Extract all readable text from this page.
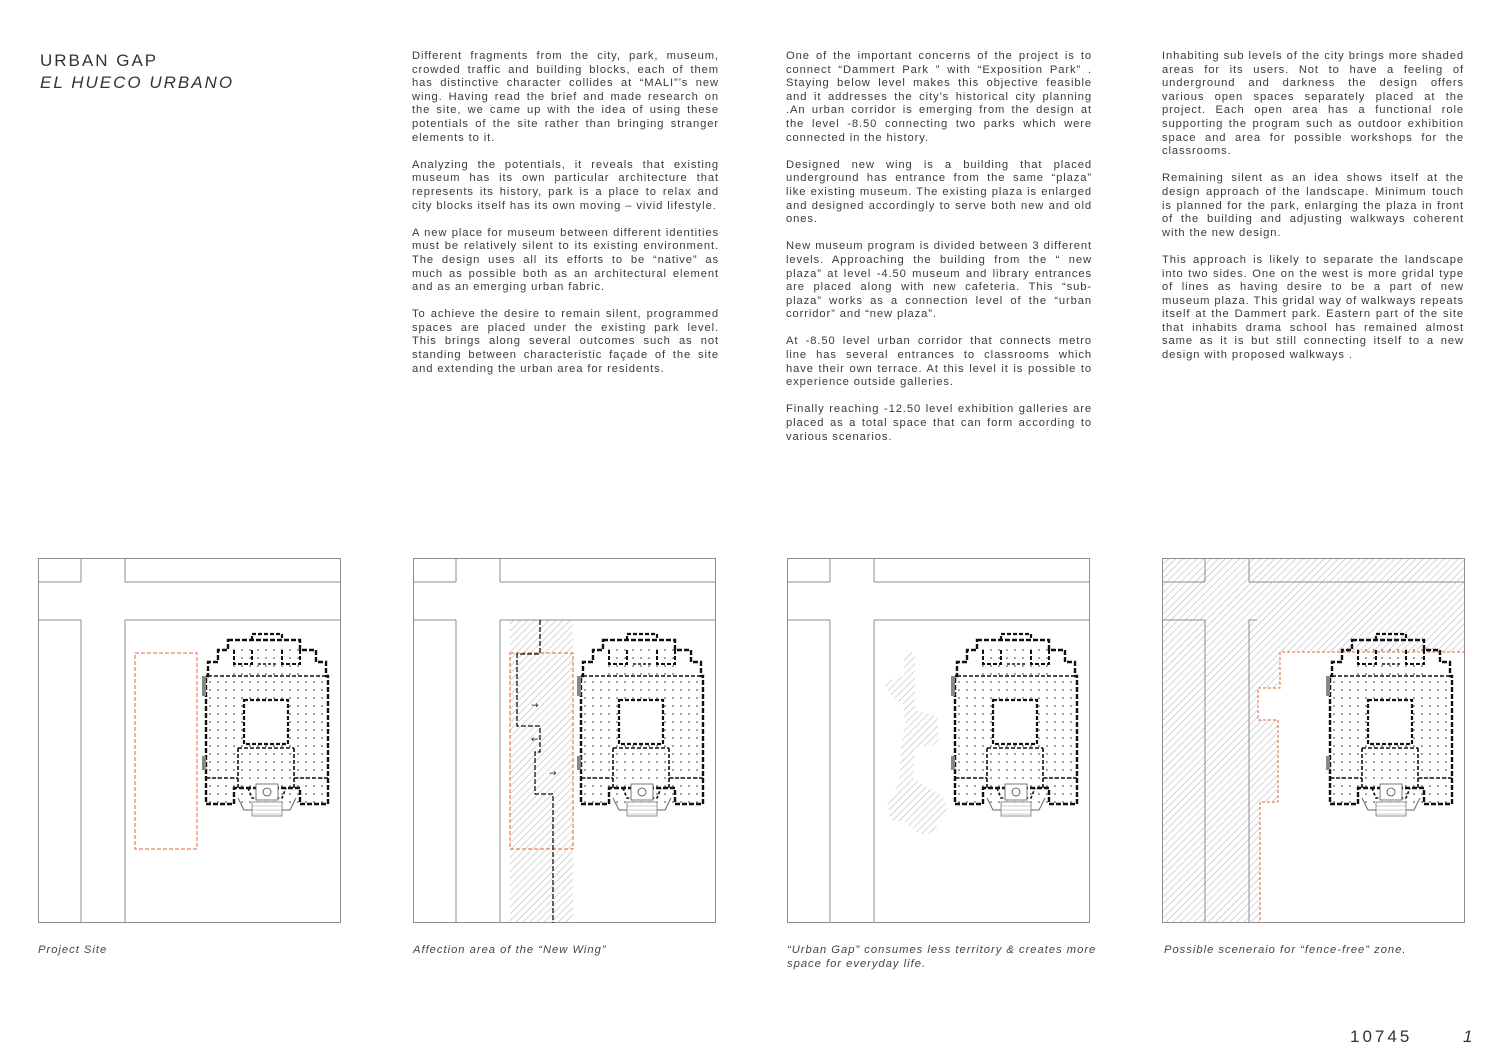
URBAN GAP
EL HUECO URBANO

Different fragments from the city, park, museum, crowded traffic and building blocks, each of them has distinctive character collides at “MALI”’s new wing. Having read the brief and made research on the site, we came up with the idea of using these potentials of the site rather than bringing stranger elements to it.

Analyzing the potentials, it reveals that existing museum has its own particular architecture that represents its history, park is a place to relax and city blocks itself has its own moving – vivid lifestyle.

A new place for museum between different identities must be relatively silent to its existing environment. The design uses all its efforts to be “native” as much as possible both as an architectural element and as an emerging urban fabric.

To achieve the desire to remain silent, programmed spaces are placed under the existing park level. This brings along several outcomes such as not standing between characteristic façade of the site and extending the urban area for residents.

One of the important concerns of the project is to connect “Dammert Park ” with “Exposition Park” . Staying below level makes this objective feasible and it addresses the city’s historical city planning .An urban corridor is emerging from the design at the level -8.50 connecting two parks which were connected in the history.

Designed new wing is a building that placed underground has entrance from the same “plaza” like existing museum. The existing plaza is enlarged and designed accordingly to serve both new and old ones.

New museum program is divided between 3 different levels. Approaching the building from the “ new plaza” at level -4.50 museum and library entrances are placed along with new cafeteria. This “sub-plaza” works as a connection level of the “urban corridor” and “new plaza”.

At -8.50 level urban corridor that connects metro line has several entrances to classrooms which have their own terrace. At this level it is possible to experience outside galleries.

Finally reaching -12.50 level exhibition galleries are placed as a total space that can form according to various scenarios.

Inhabiting sub levels of the city brings more shaded areas for its users. Not to have a feeling of underground and darkness the design offers various open spaces separately placed at the project. Each open area has a functional role supporting the program such as outdoor exhibition space and area for possible workshops for the classrooms.

Remaining silent as an idea shows itself at the design approach of the landscape. Minimum touch is planned for the park, enlarging the plaza in front of the building and adjusting walkways coherent with the new design.

This approach is likely to separate the landscape into two sides. One on the west is more gridal type of lines as having desire to be a part of new museum plaza. This gridal way of walkways repeats itself at the Dammert park. Eastern part of the site that inhabits drama school has remained almost same as it is but still connecting itself to a new design with proposed walkways .

→
←
→
Project Site	Affection area of the “New Wing”	“Urban Gap” consumes less territory & creates more space for everyday life.
Possible sceneraio for “fence-free” zone.
10745	1
